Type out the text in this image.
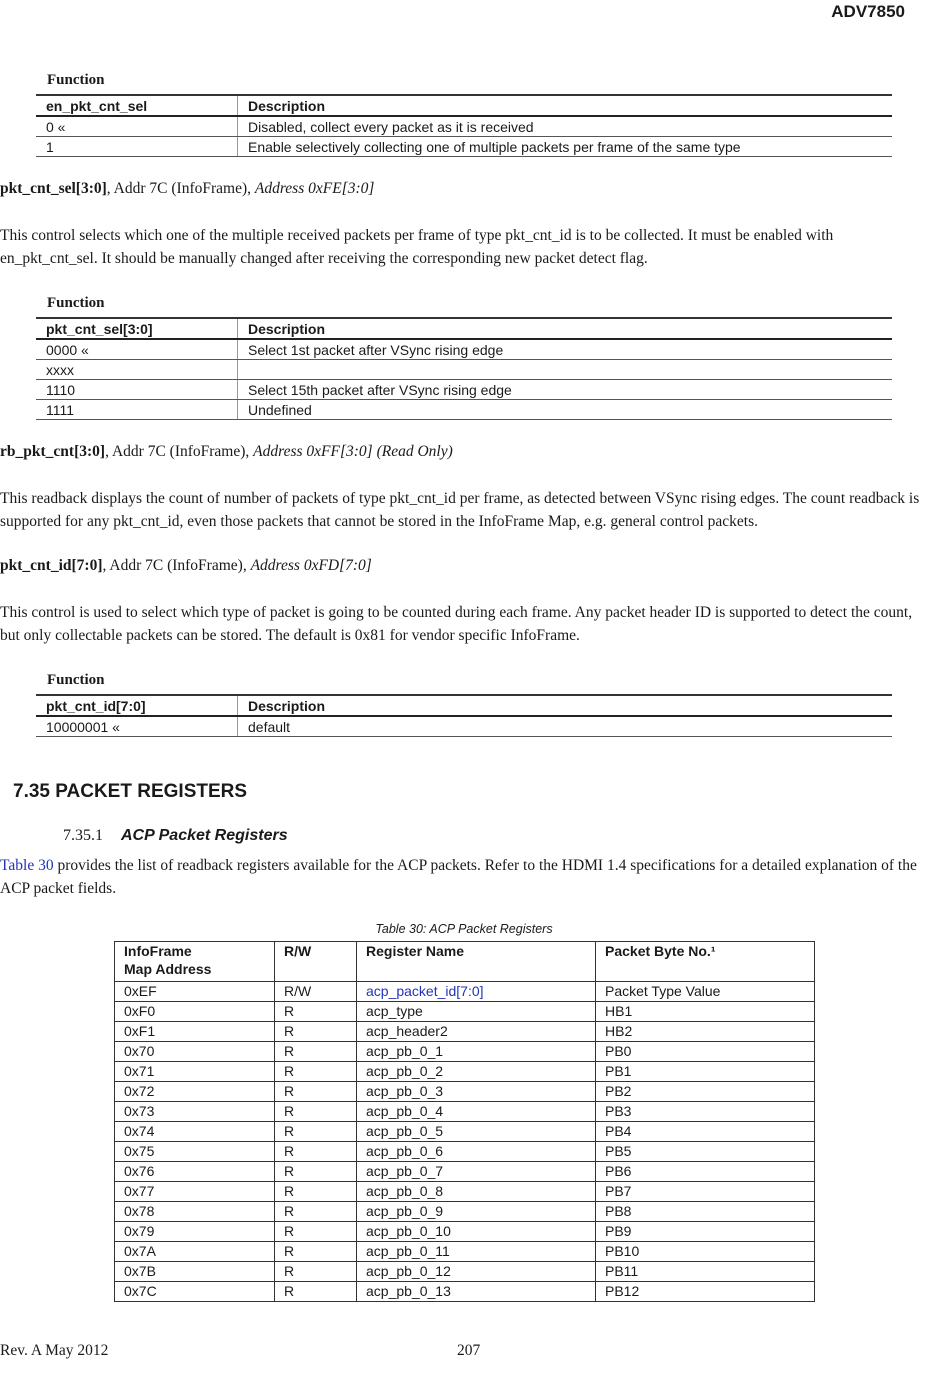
ADV7850
Function
en_pkt_cnt_sel	Description
0 «	Disabled, collect every packet as it is received
1	Enable selectively collecting one of multiple packets per frame of the same type
pkt_cnt_sel[3:0], Addr 7C (InfoFrame), Address 0xFE[3:0]
This control selects which one of the multiple received packets per frame of type pkt_cnt_id is to be collected. It must be enabled with en_pkt_cnt_sel. It should be manually changed after receiving the corresponding new packet detect flag.
Function
pkt_cnt_sel[3:0]	Description
0000 «	Select 1st packet after VSync rising edge
xxxx	
1110	Select 15th packet after VSync rising edge
1111	Undefined
rb_pkt_cnt[3:0], Addr 7C (InfoFrame), Address 0xFF[3:0] (Read Only)
This readback displays the count of number of packets of type pkt_cnt_id per frame, as detected between VSync rising edges. The count readback is supported for any pkt_cnt_id, even those packets that cannot be stored in the InfoFrame Map, e.g. general control packets.
pkt_cnt_id[7:0], Addr 7C (InfoFrame), Address 0xFD[7:0]
This control is used to select which type of packet is going to be counted during each frame. Any packet header ID is supported to detect the count, but only collectable packets can be stored. The default is 0x81 for vendor specific InfoFrame.
Function
pkt_cnt_id[7:0]	Description
10000001 «	default
7.35 PACKET REGISTERS
7.35.1 ACP Packet Registers
Table 30 provides the list of readback registers available for the ACP packets. Refer to the HDMI 1.4 specifications for a detailed explanation of the ACP packet fields.
Table 30: ACP Packet Registers
InfoFrame
Map Address	R/W	Register Name	Packet Byte No.¹
0xEF	R/W	acp_packet_id[7:0]	Packet Type Value
0xF0	R	acp_type	HB1
0xF1	R	acp_header2	HB2
0x70	R	acp_pb_0_1	PB0
0x71	R	acp_pb_0_2	PB1
0x72	R	acp_pb_0_3	PB2
0x73	R	acp_pb_0_4	PB3
0x74	R	acp_pb_0_5	PB4
0x75	R	acp_pb_0_6	PB5
0x76	R	acp_pb_0_7	PB6
0x77	R	acp_pb_0_8	PB7
0x78	R	acp_pb_0_9	PB8
0x79	R	acp_pb_0_10	PB9
0x7A	R	acp_pb_0_11	PB10
0x7B	R	acp_pb_0_12	PB11
0x7C	R	acp_pb_0_13	PB12
Rev. A May 2012	207
